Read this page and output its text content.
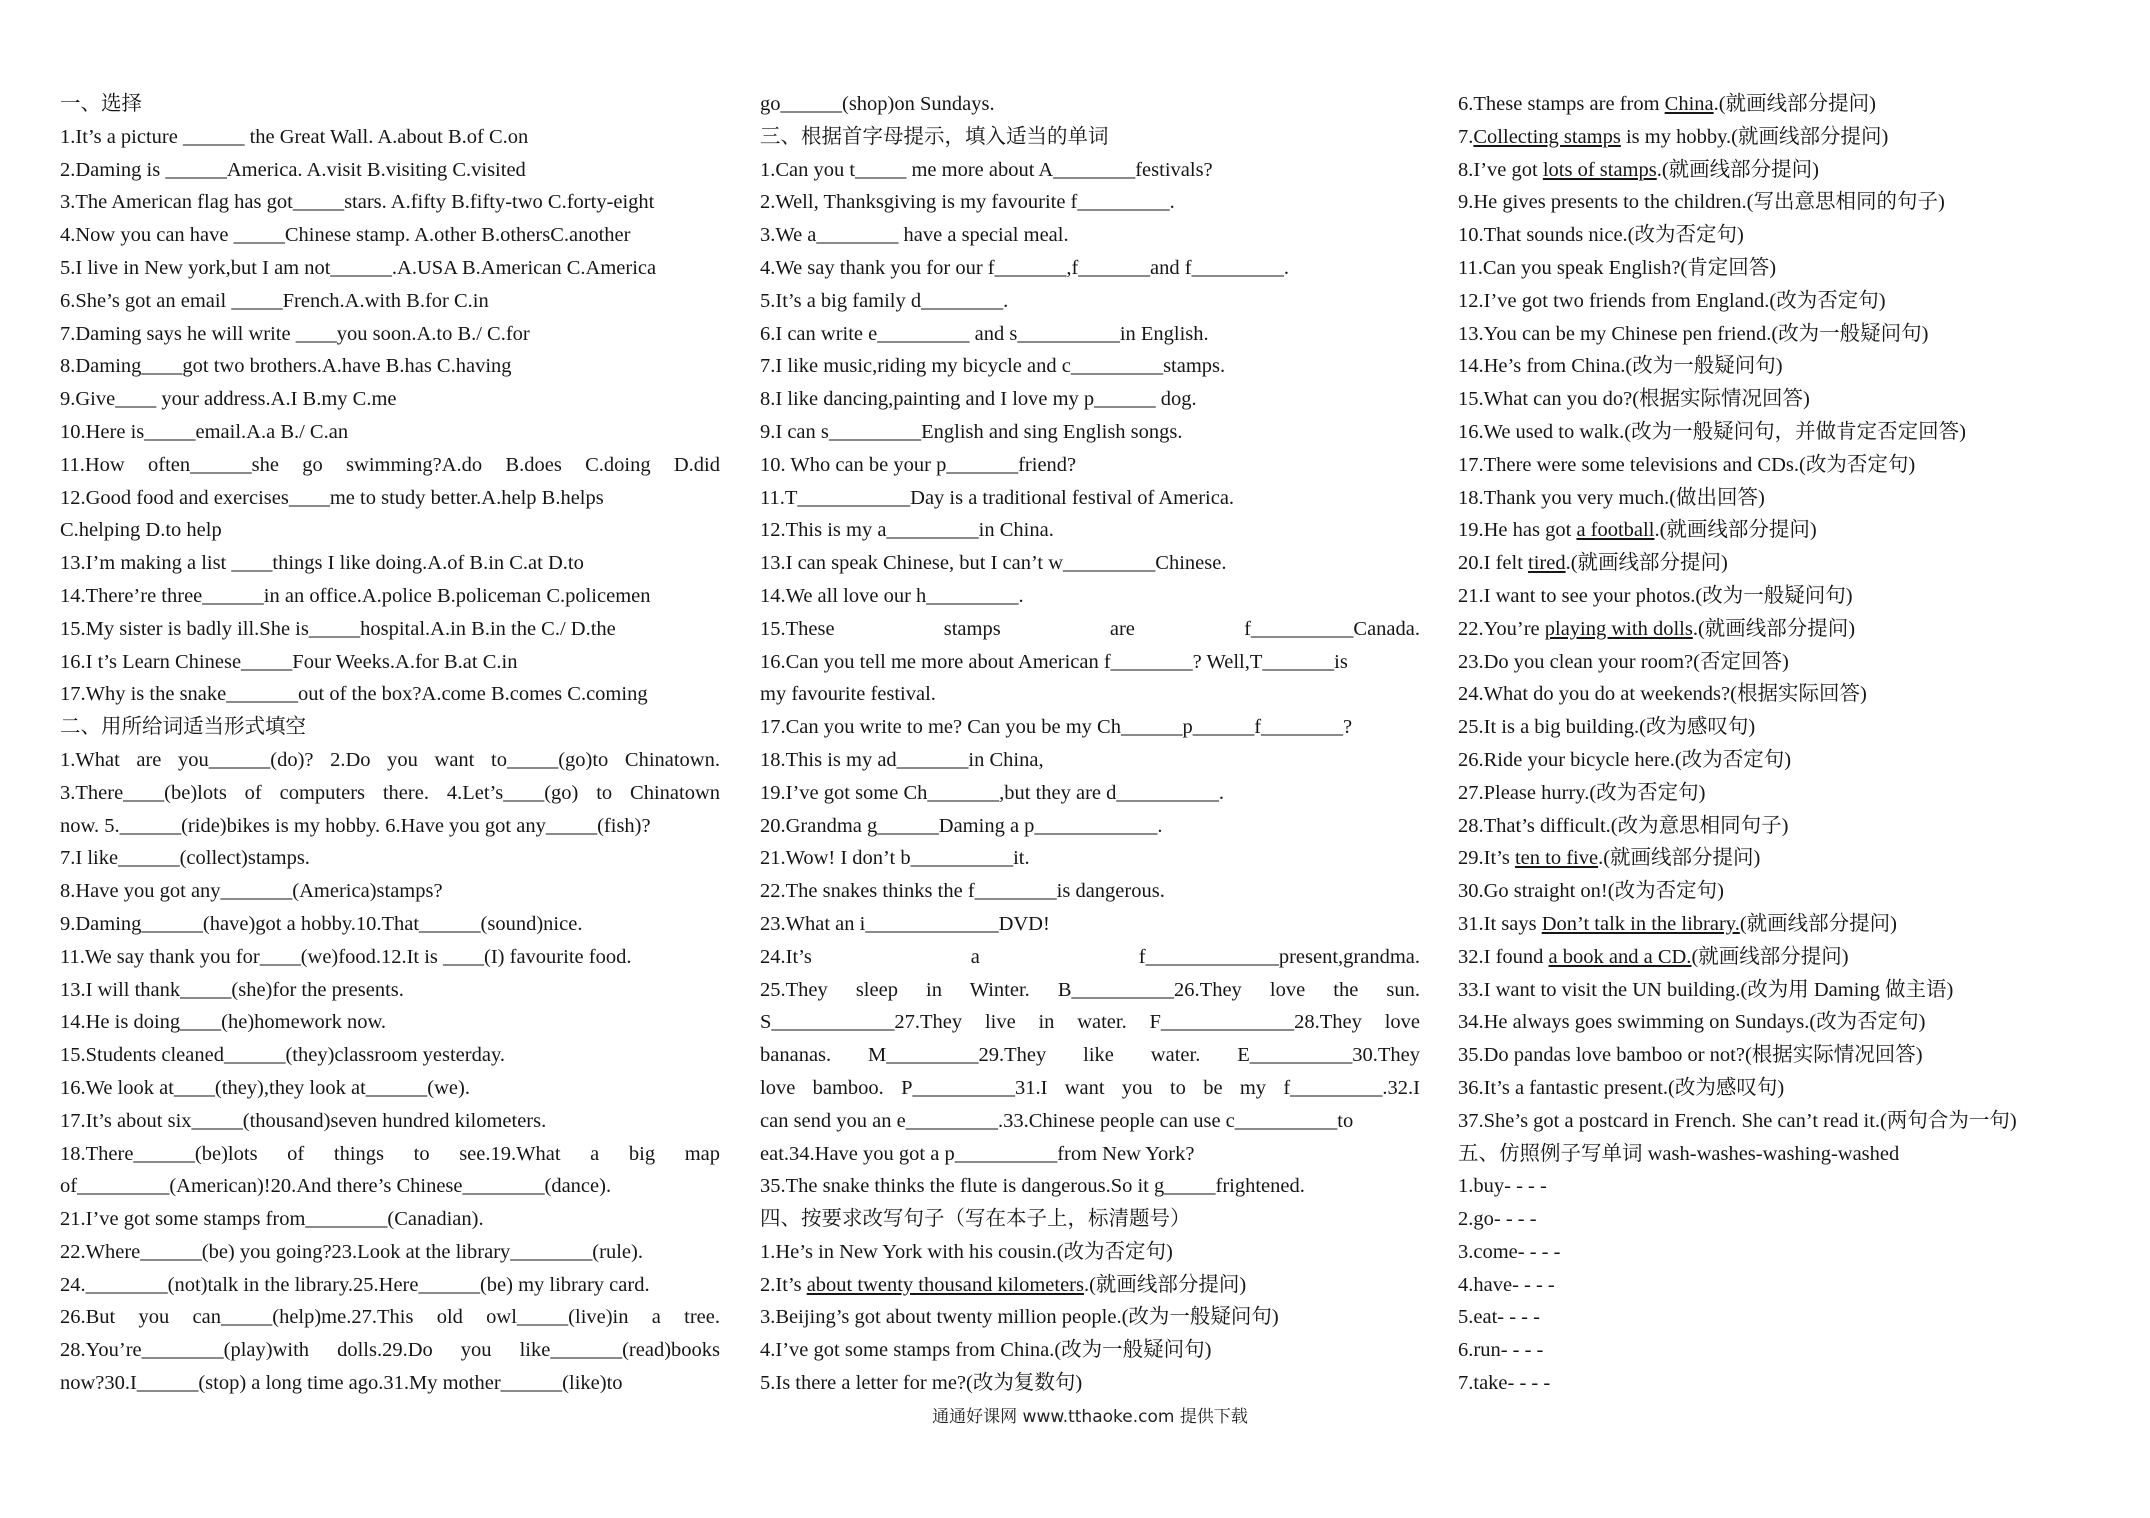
一、选择
1.It’s a picture ______ the Great Wall. A.about B.of C.on
2.Daming is ______America. A.visit B.visiting C.visited
3.The American flag has got_____stars. A.fifty B.fifty-two C.forty-eight
4.Now you can have _____Chinese stamp. A.other B.othersC.another
5.I live in New york,but I am not______.A.USA B.American C.America
6.She’s got an email _____French.A.with B.for C.in
7.Daming says he will write ____you soon.A.to B./ C.for
8.Daming____got two brothers.A.have B.has C.having
9.Give____ your address.A.I B.my C.me
10.Here is_____email.A.a B./ C.an
11.How often______she go swimming?A.do B.does C.doing D.did
12.Good food and exercises____me to study better.A.help B.helps
C.helping D.to help
13.I’m making a list ____things I like doing.A.of B.in C.at D.to
14.There’re three______in an office.A.police B.policeman C.policemen
15.My sister is badly ill.She is_____hospital.A.in B.in the C./ D.the
16.I t’s Learn Chinese_____Four Weeks.A.for B.at C.in
17.Why is the snake_______out of the box?A.come B.comes C.coming
二、用所给词适当形式填空
1.What are you______(do)? 2.Do you want to_____(go)to Chinatown.
3.There____(be)lots of computers there. 4.Let’s____(go) to Chinatown
now. 5.______(ride)bikes is my hobby. 6.Have you got any_____(fish)?
7.I like______(collect)stamps.
8.Have you got any_______(America)stamps?
9.Daming______(have)got a hobby.10.That______(sound)nice.
11.We say thank you for____(we)food.12.It is ____(I) favourite food.
13.I will thank_____(she)for the presents.
14.He is doing____(he)homework now.
15.Students cleaned______(they)classroom yesterday.
16.We look at____(they),they look at______(we).
17.It’s about six_____(thousand)seven hundred kilometers.
18.There______(be)lots of things to see.19.What a big map
of_________(American)!20.And there’s Chinese________(dance).
21.I’ve got some stamps from________(Canadian).
22.Where______(be) you going?23.Look at the library________(rule).
24.________(not)talk in the library.25.Here______(be) my library card.
26.But you can_____(help)me.27.This old owl_____(live)in a tree.
28.You’re________(play)with dolls.29.Do you like_______(read)books
now?30.I______(stop) a long time ago.31.My mother______(like)to
go______(shop)on Sundays.
三、根据首字母提示，填入适当的单词
1.Can you t_____ me more about A________festivals?
2.Well, Thanksgiving is my favourite f_________.
3.We a________ have a special meal.
4.We say thank you for our f_______,f_______and f_________.
5.It’s a big family d________.
6.I can write e_________ and s__________in English.
7.I like music,riding my bicycle and c_________stamps.
8.I like dancing,painting and I love my p______ dog.
9.I can s_________English and sing English songs.
10. Who can be your p_______friend?
11.T___________Day is a traditional festival of America.
12.This is my a_________in China.
13.I can speak Chinese, but I can’t w_________Chinese.
14.We all love our h_________.
15.These stamps are f__________Canada.
16.Can you tell me more about American f________? Well,T_______is
my favourite festival.
17.Can you write to me? Can you be my Ch______p______f________?
18.This is my ad_______in China,
19.I’ve got some Ch_______,but they are d__________.
20.Grandma g______Daming a p____________.
21.Wow! I don’t b__________it.
22.The snakes thinks the f________is dangerous.
23.What an i_____________DVD!
24.It’s a f_____________present,grandma.
25.They sleep in Winter. B__________26.They love the sun.
S____________27.They live in water. F_____________28.They love
bananas. M_________29.They like water. E__________30.They
love bamboo. P__________31.I want you to be my f_________.32.I
can send you an e_________.33.Chinese people can use c__________to
eat.34.Have you got a p__________from New York?
35.The snake thinks the flute is dangerous.So it g_____frightened.
四、按要求改写句子（写在本子上，标清题号）
1.He’s in New York with his cousin.(改为否定句)
2.It’s about twenty thousand kilometers.(就画线部分提问)
3.Beijing’s got about twenty million people.(改为一般疑问句)
4.I’ve got some stamps from China.(改为一般疑问句)
5.Is there a letter for me?(改为复数句)
6.These stamps are from China.(就画线部分提问)
7.Collecting stamps is my hobby.(就画线部分提问)
8.I’ve got lots of stamps.(就画线部分提问)
9.He gives presents to the children.(写出意思相同的句子)
10.That sounds nice.(改为否定句)
11.Can you speak English?(肯定回答)
12.I’ve got two friends from England.(改为否定句)
13.You can be my Chinese pen friend.(改为一般疑问句)
14.He’s from China.(改为一般疑问句)
15.What can you do?(根据实际情况回答)
16.We used to walk.(改为一般疑问句，并做肯定否定回答)
17.There were some televisions and CDs.(改为否定句)
18.Thank you very much.(做出回答)
19.He has got a football.(就画线部分提问)
20.I felt tired.(就画线部分提问)
21.I want to see your photos.(改为一般疑问句)
22.You’re playing with dolls.(就画线部分提问)
23.Do you clean your room?(否定回答)
24.What do you do at weekends?(根据实际回答)
25.It is a big building.(改为感叹句)
26.Ride your bicycle here.(改为否定句)
27.Please hurry.(改为否定句)
28.That’s difficult.(改为意思相同句子)
29.It’s ten to five.(就画线部分提问)
30.Go straight on!(改为否定句)
31.It says Don’t talk in the library.(就画线部分提问)
32.I found a book and a CD.(就画线部分提问)
33.I want to visit the UN building.(改为用 Daming 做主语)
34.He always goes swimming on Sundays.(改为否定句)
35.Do pandas love bamboo or not?(根据实际情况回答)
36.It’s a fantastic present.(改为感叹句)
37.She’s got a postcard in French. She can’t read it.(两句合为一句)
五、仿照例子写单词 wash-washes-washing-washed
1.buy- - - -
2.go- - - -
3.come- - - -
4.have- - - -
5.eat- - - -
6.run- - - -
7.take- - - -
通通好课网 www.tthaoke.com 提供下载
